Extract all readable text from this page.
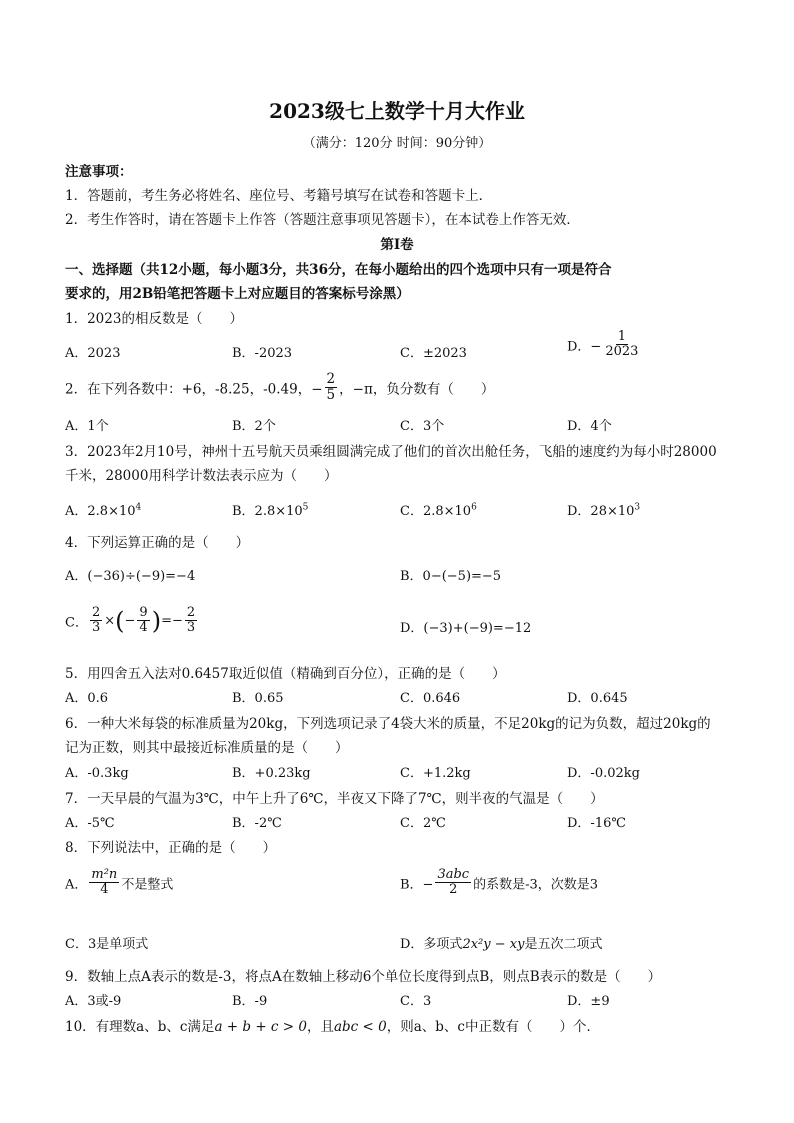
2023级七上数学十月大作业
（满分：120分 时间：90分钟）
注意事项：
1．答题前，考生务必将姓名、座位号、考籍号填写在试卷和答题卡上．
2．考生作答时，请在答题卡上作答（答题注意事项见答题卡），在本试卷上作答无效．
第Ⅰ卷
一、选择题（共12小题，每小题3分，共36分，在每小题给出的四个选项中只有一项是符合
要求的，用2B铅笔把答题卡上对应题目的答案标号涂黑）
1．2023的相反数是（　　）
A．2023	B．-2023	C．±2023	D．− $\frac{1}{2023}$
2．在下列各数中：+6，-8.25，-0.49，− $\frac{2}{5}$ ，−π，负分数有（　　）
A．1个	B．2个	C．3个	D．4个
3．2023年2月10号，神州十五号航天员乘组圆满完成了他们的首次出舱任务，飞船的速度约为每小时28000
千米，28000用科学计数法表示应为（　　）
A．$2.8\times 10^4$	B．$2.8\times 10^5$	C．$2.8\times 10^6$	D．$28\times 10^3$
4．下列运算正确的是（　　）
A．(−36)÷(−9)=−4	B．0−(−5)=−5
C． $\frac{2}{3}$ ×(− $\frac{9}{4}$ )=− $\frac{2}{3}$	D．(−3)+(−9)=−12
5．用四舍五入法对0.6457取近似值（精确到百分位），正确的是（　　）
A．0.6	B．0.65	C．0.646	D．0.645
6．一种大米每袋的标准质量为20kg，下列选项记录了4袋大米的质量，不足20kg的记为负数，超过20kg的
记为正数，则其中最接近标准质量的是（　　）
A．-0.3kg	B．+0.23kg	C．+1.2kg	D．-0.02kg
7．一天早晨的气温为3℃，中午上升了6℃，半夜又下降了7℃，则半夜的气温是（　　）
A．-5℃	B．-2℃	C．2℃	D．-16℃
8．下列说法中，正确的是（　　）
A． $\frac{\text{m²n}}{4}$ 不是整式	B．− $\frac{\text{3abc}}{2}$ 的系数是-3，次数是3
C．3是单项式	D．多项式2x²y − xy是五次二项式
9．数轴上点A表示的数是-3，将点A在数轴上移动6个单位长度得到点B，则点B表示的数是（　　）
A．3或-9	B．-9	C．3	D．±9
10．有理数a、b、c满足a + b + c > 0，且abc < 0，则a、b、c中正数有（　　）个．
